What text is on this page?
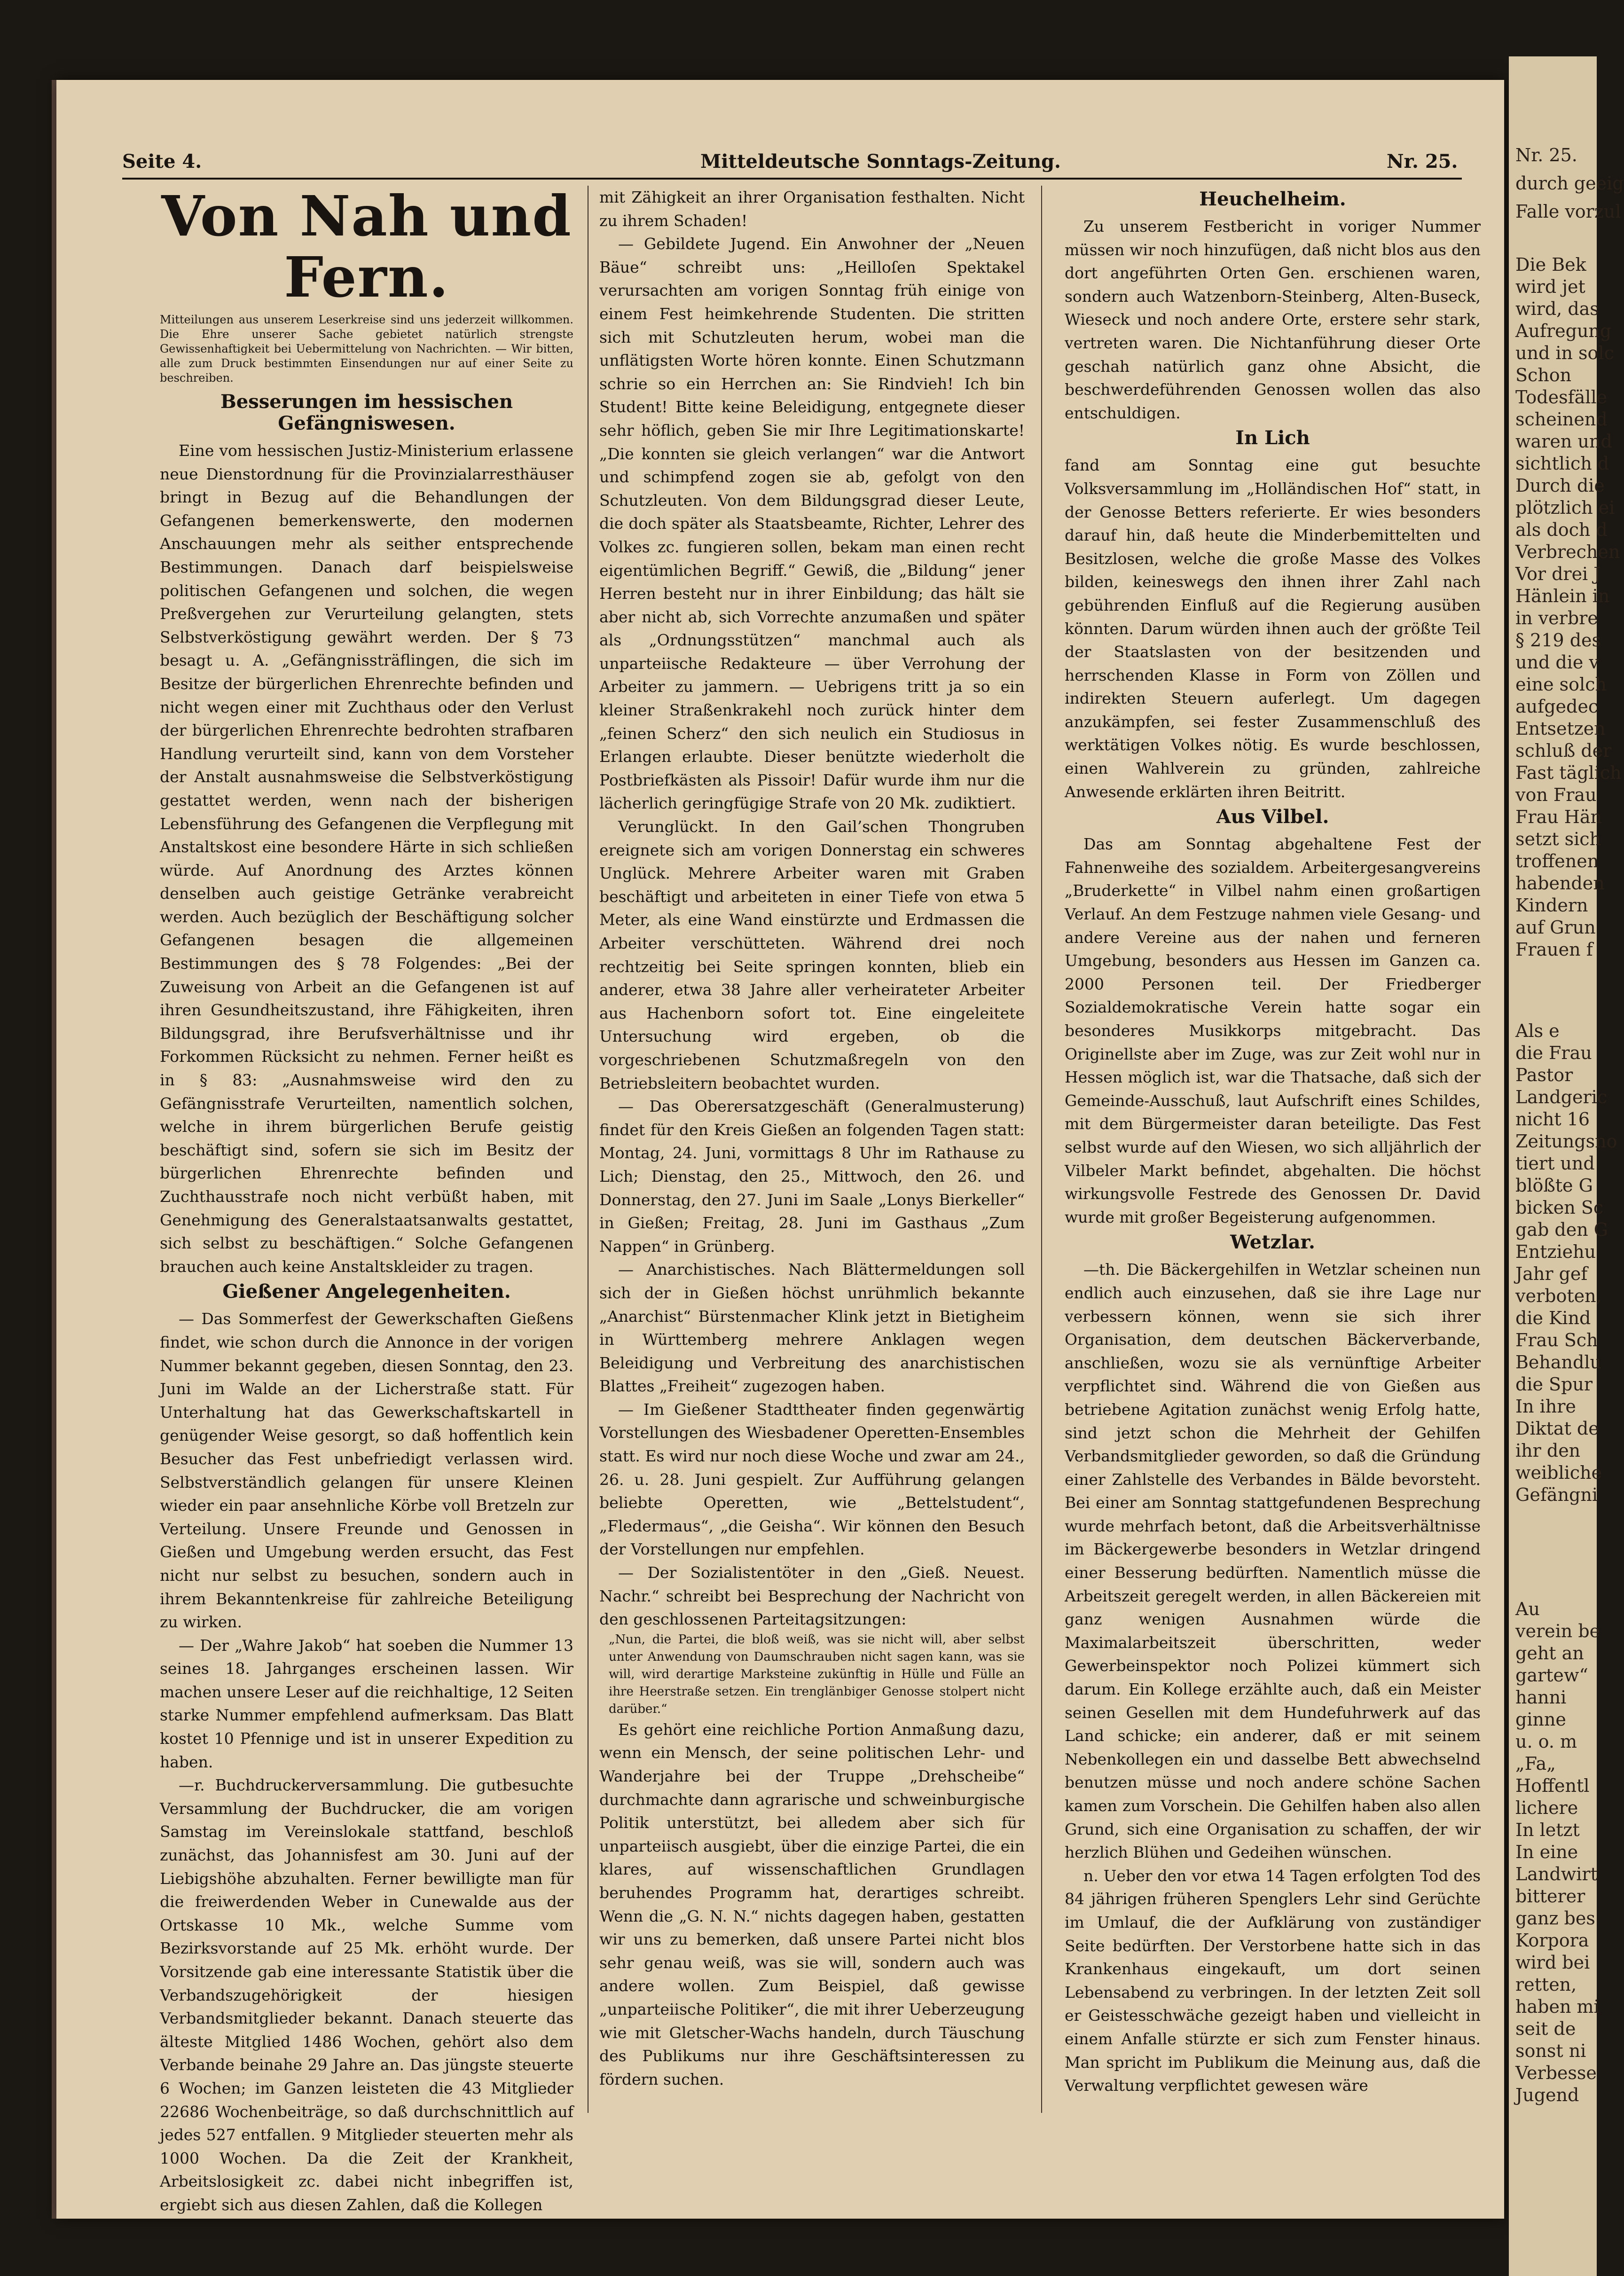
Seite 4.	Mitteldeutsche Sonntags-Zeitung.	Nr. 25.
Von Nah und Fern.
Mitteilungen aus unserem Leserkreise sind uns jederzeit willkommen. Die Ehre unserer Sache gebietet natürlich strengste Gewissenhaftigkeit bei Uebermittelung von Nachrichten. — Wir bitten, alle zum Druck bestimmten Einsendungen nur auf einer Seite zu beschreiben.
Besserungen im hessischen Gefängniswesen.

Eine vom hessischen Justiz-Ministerium erlassene neue Dienstordnung für die Provinzialarresthäuser bringt in Bezug auf die Behandlungen der Gefangenen bemerkenswerte, den modernen Anschauungen mehr als seither entsprechende Bestimmungen. Danach darf beispielsweise politischen Gefangenen und solchen, die wegen Preßvergehen zur Verurteilung gelangten, stets Selbstverköstigung gewährt werden. Der § 73 besagt u. A. „Gefängnissträflingen, die sich im Besitze der bürgerlichen Ehrenrechte befinden und nicht wegen einer mit Zuchthaus oder den Verlust der bürgerlichen Ehrenrechte bedrohten strafbaren Handlung verurteilt sind, kann von dem Vorsteher der Anstalt ausnahmsweise die Selbstverköstigung gestattet werden, wenn nach der bisherigen Lebensführung des Gefangenen die Verpflegung mit Anstaltskost eine besondere Härte in sich schließen würde. Auf Anordnung des Arztes können denselben auch geistige Getränke verabreicht werden. Auch bezüglich der Beschäftigung solcher Gefangenen besagen die allgemeinen Bestimmungen des § 78 Folgendes: „Bei der Zuweisung von Arbeit an die Gefangenen ist auf ihren Gesundheitszustand, ihre Fähigkeiten, ihren Bildungsgrad, ihre Berufsverhältnisse und ihr Forkommen Rücksicht zu nehmen. Ferner heißt es in § 83: „Ausnahmsweise wird den zu Gefängnisstrafe Verurteilten, namentlich solchen, welche in ihrem bürgerlichen Berufe geistig beschäftigt sind, sofern sie sich im Besitz der bürgerlichen Ehrenrechte befinden und Zuchthausstrafe noch nicht verbüßt haben, mit Genehmigung des Generalstaatsanwalts gestattet, sich selbst zu beschäftigen.“ Solche Gefangenen brauchen auch keine Anstaltskleider zu tragen.

Gießener Angelegenheiten.

— Das Sommerfest der Gewerkschaften Gießens findet, wie schon durch die Annonce in der vorigen Nummer bekannt gegeben, diesen Sonntag, den 23. Juni im Walde an der Licherstraße statt. Für Unterhaltung hat das Gewerkschaftskartell in genügender Weise gesorgt, so daß hoffentlich kein Besucher das Fest unbefriedigt verlassen wird. Selbstverständlich gelangen für unsere Kleinen wieder ein paar ansehnliche Körbe voll Bretzeln zur Verteilung. Unsere Freunde und Genossen in Gießen und Umgebung werden ersucht, das Fest nicht nur selbst zu besuchen, sondern auch in ihrem Bekanntenkreise für zahlreiche Beteiligung zu wirken.

— Der „Wahre Jakob“ hat soeben die Nummer 13 seines 18. Jahrganges erscheinen lassen. Wir machen unsere Leser auf die reichhaltige, 12 Seiten starke Nummer empfehlend aufmerksam. Das Blatt kostet 10 Pfennige und ist in unserer Expedition zu haben.

—r. Buchdruckerversammlung. Die gutbesuchte Versammlung der Buchdrucker, die am vorigen Samstag im Vereinslokale stattfand, beschloß zunächst, das Johannisfest am 30. Juni auf der Liebigshöhe abzuhalten. Ferner bewilligte man für die freiwerdenden Weber in Cunewalde aus der Ortskasse 10 Mk., welche Summe vom Bezirksvorstande auf 25 Mk. erhöht wurde. Der Vorsitzende gab eine interessante Statistik über die Verbandszugehörigkeit der hiesigen Verbandsmitglieder bekannt. Danach steuerte das älteste Mitglied 1486 Wochen, gehört also dem Verbande beinahe 29 Jahre an. Das jüngste steuerte 6 Wochen; im Ganzen leisteten die 43 Mitglieder 22686 Wochenbeiträge, so daß durchschnittlich auf jedes 527 entfallen. 9 Mitglieder steuerten mehr als 1000 Wochen. Da die Zeit der Krankheit, Arbeitslosigkeit zc. dabei nicht inbegriffen ist, ergiebt sich aus diesen Zahlen, daß die Kollegen

mit Zähigkeit an ihrer Organisation festhalten. Nicht zu ihrem Schaden!

— Gebildete Jugend. Ein Anwohner der „Neuen Bäue“ schreibt uns: „Heilloſen Spektakel verursachten am vorigen Sonntag früh einige von einem Fest heimkehrende Studenten. Die stritten sich mit Schutzleuten herum, wobei man die unflätigsten Worte hören konnte. Einen Schutzmann schrie so ein Herrchen an: Sie Rindvieh! Ich bin Student! Bitte keine Beleidigung, entgegnete dieser sehr höflich, geben Sie mir Ihre Legitimationskarte! „Die konnten sie gleich verlangen“ war die Antwort und schimpfend zogen sie ab, gefolgt von den Schutzleuten. Von dem Bildungsgrad dieser Leute, die doch später als Staatsbeamte, Richter, Lehrer des Volkes zc. fungieren sollen, bekam man einen recht eigentümlichen Begriff.“ Gewiß, die „Bildung“ jener Herren besteht nur in ihrer Einbildung; das hält sie aber nicht ab, sich Vorrechte anzumaßen und später als „Ordnungsstützen“ manchmal auch als unparteiische Redakteure — über Verrohung der Arbeiter zu jammern. — Uebrigens tritt ja so ein kleiner Straßenkrakehl noch zurück hinter dem „feinen Scherz“ den sich neulich ein Studiosus in Erlangen erlaubte. Dieser benützte wiederholt die Postbriefkästen als Pissoir! Dafür wurde ihm nur die lächerlich geringfügige Strafe von 20 Mk. zudiktiert.

Verunglückt. In den Gail’schen Thongruben ereignete sich am vorigen Donnerstag ein schweres Unglück. Mehrere Arbeiter waren mit Graben beschäftigt und arbeiteten in einer Tiefe von etwa 5 Meter, als eine Wand einstürzte und Erdmassen die Arbeiter verschütteten. Während drei noch rechtzeitig bei Seite springen konnten, blieb ein anderer, etwa 38 Jahre aller verheirateter Arbeiter aus Hachenborn sofort tot. Eine eingeleitete Untersuchung wird ergeben, ob die vorgeschriebenen Schutzmaßregeln von den Betriebsleitern beobachtet wurden.

— Das Oberersatzgeschäft (Generalmusterung) findet für den Kreis Gießen an folgenden Tagen statt: Montag, 24. Juni, vormittags 8 Uhr im Rathause zu Lich; Dienstag, den 25., Mittwoch, den 26. und Donnerstag, den 27. Juni im Saale „Lonys Bierkeller“ in Gießen; Freitag, 28. Juni im Gasthaus „Zum Nappen“ in Grünberg.

— Anarchistisches. Nach Blättermeldungen soll sich der in Gießen höchst unrühmlich bekannte „Anarchist“ Bürstenmacher Klink jetzt in Bietigheim in Württemberg mehrere Anklagen wegen Beleidigung und Verbreitung des anarchistischen Blattes „Freiheit“ zugezogen haben.

— Im Gießener Stadttheater finden gegenwärtig Vorstellungen des Wiesbadener Operetten-Ensembles statt. Es wird nur noch diese Woche und zwar am 24., 26. u. 28. Juni gespielt. Zur Aufführung gelangen beliebte Operetten, wie „Bettelstudent“, „Fledermaus“, „die Geisha“. Wir können den Besuch der Vorstellungen nur empfehlen.

— Der Sozialistentöter in den „Gieß. Neuest. Nachr.“ schreibt bei Besprechung der Nachricht von den geschlossenen Parteitagsitzungen:

„Nun, die Partei, die bloß weiß, was sie nicht will, aber selbst unter Anwendung von Daumschrauben nicht sagen kann, was sie will, wird derartige Marksteine zukünftig in Hülle und Fülle an ihre Heerstraße setzen. Ein trenglänbiger Genosse stolpert nicht darüber.“

Es gehört eine reichliche Portion Anmaßung dazu, wenn ein Mensch, der seine politischen Lehr- und Wanderjahre bei der Truppe „Drehscheibe“ durchmachte dann agrarische und schweinburgische Politik unterstützt, bei alledem aber sich für unparteiisch ausgiebt, über die einzige Partei, die ein klares, auf wissenschaftlichen Grundlagen beruhendes Programm hat, derartiges schreibt. Wenn die „G. N. N.“ nichts dagegen haben, gestatten wir uns zu bemerken, daß unsere Partei nicht blos sehr genau weiß, was sie will, sondern auch was andere wollen. Zum Beispiel, daß gewisse „unparteiische Politiker“, die mit ihrer Ueberzeugung wie mit Gletscher-Wachs handeln, durch Täuschung des Publikums nur ihre Geschäftsinteressen zu fördern suchen.

Heuchelheim.

Zu unserem Festbericht in voriger Nummer müssen wir noch hinzufügen, daß nicht blos aus den dort angeführten Orten Gen. erschienen waren, sondern auch Watzenborn-Steinberg, Alten-Buseck, Wieseck und noch andere Orte, erstere sehr stark, vertreten waren. Die Nichtanführung dieser Orte geschah natürlich ganz ohne Absicht, die beschwerdeführenden Genossen wollen das also entschuldigen.

In Lich

fand am Sonntag eine gut besuchte Volksversammlung im „Holländischen Hof“ statt, in der Genosse Betters referierte. Er wies besonders darauf hin, daß heute die Minderbemittelten und Besitzlosen, welche die große Masse des Volkes bilden, keineswegs den ihnen ihrer Zahl nach gebührenden Einfluß auf die Regierung ausüben könnten. Darum würden ihnen auch der größte Teil der Staatslasten von der besitzenden und herrschenden Klasse in Form von Zöllen und indirekten Steuern auferlegt. Um dagegen anzukämpfen, sei fester Zusammenschluß des werktätigen Volkes nötig. Es wurde beschlossen, einen Wahlverein zu gründen, zahlreiche Anwesende erklärten ihren Beitritt.

Aus Vilbel.

Das am Sonntag abgehaltene Fest der Fahnenweihe des sozialdem. Arbeitergesangvereins „Bruderkette“ in Vilbel nahm einen großartigen Verlauf. An dem Festzuge nahmen viele Gesang- und andere Vereine aus der nahen und ferneren Umgebung, besonders aus Hessen im Ganzen ca. 2000 Personen teil. Der Friedberger Sozialdemokratische Verein hatte sogar ein besonderes Musikkorps mitgebracht. Das Originellste aber im Zuge, was zur Zeit wohl nur in Hessen möglich ist, war die Thatsache, daß sich der Gemeinde-Ausschuß, laut Aufschrift eines Schildes, mit dem Bürgermeister daran beteiligte. Das Fest selbst wurde auf den Wiesen, wo sich alljährlich der Vilbeler Markt befindet, abgehalten. Die höchst wirkungsvolle Festrede des Genossen Dr. David wurde mit großer Begeisterung aufgenommen.

Wetzlar.

—th. Die Bäckergehilfen in Wetzlar scheinen nun endlich auch einzusehen, daß sie ihre Lage nur verbessern können, wenn sie sich ihrer Organisation, dem deutschen Bäckerverbande, anschließen, wozu sie als vernünftige Arbeiter verpflichtet sind. Während die von Gießen aus betriebene Agitation zunächst wenig Erfolg hatte, sind jetzt schon die Mehrheit der Gehilfen Verbandsmitglieder geworden, so daß die Gründung einer Zahlstelle des Verbandes in Bälde bevorsteht. Bei einer am Sonntag stattgefundenen Besprechung wurde mehrfach betont, daß die Arbeitsverhältnisse im Bäckergewerbe besonders in Wetzlar dringend einer Besserung bedürften. Namentlich müsse die Arbeitszeit geregelt werden, in allen Bäckereien mit ganz wenigen Ausnahmen würde die Maximalarbeitszeit überschritten, weder Gewerbeinspektor noch Polizei kümmert sich darum. Ein Kollege erzählte auch, daß ein Meister seinen Gesellen mit dem Hundefuhrwerk auf das Land schicke; ein anderer, daß er mit seinem Nebenkollegen ein und dasselbe Bett abwechselnd benutzen müsse und noch andere schöne Sachen kamen zum Vorschein. Die Gehilfen haben also allen Grund, sich eine Organisation zu schaffen, der wir herzlich Blühen und Gedeihen wünschen.

n. Ueber den vor etwa 14 Tagen erfolgten Tod des 84 jährigen früheren Spenglers Lehr sind Gerüchte im Umlauf, die der Aufklärung von zuständiger Seite bedürften. Der Verstorbene hatte sich in das Krankenhaus eingekauft, um dort seinen Lebensabend zu verbringen. In der letzten Zeit soll er Geistesschwäche gezeigt haben und vielleicht in einem Anfalle stürzte er sich zum Fenster hinaus. Man spricht im Publikum die Meinung aus, daß die Verwaltung verpflichtet gewesen wäre

Nr. 25.
durch geeig
Falle vorzul
Die Bek
wird jet
wird, das
Aufregung
und in solc
Schon
Todesfälle
scheinend
waren und
sichtlich d
Durch die
plötzlich ei
als doch d
Verbrechen
Vor drei J
Hänlein in
in verbre
§ 219 des
und die v
eine solch
aufgedec
Entsetzen
schluß der
Fast täglich
von Frau
Frau Hän
setzt sich
troffenen
habenden
Kindern
auf Grun
Frauen f
Als e
die Frau
Pastor
Landgeric
nicht 16
Zeitungsno
tiert und
blößte G
bicken Sc
gab den G
Entziehu
Jahr gef
verboten,
die Kind
Frau Sch
Behandlu
die Spur
In ihre
Diktat de
ihr den
weibliche
Gefängni
Au
verein be
geht an
gartew“
hanni
ginne
u. o. m
„Fa„
Hoffentl
lichere
In letzt
In eine
Landwirt
bitterer
ganz bes
Korpora
wird bei
retten,
haben mi
seit de
sonst ni
Verbesse
Jugend
